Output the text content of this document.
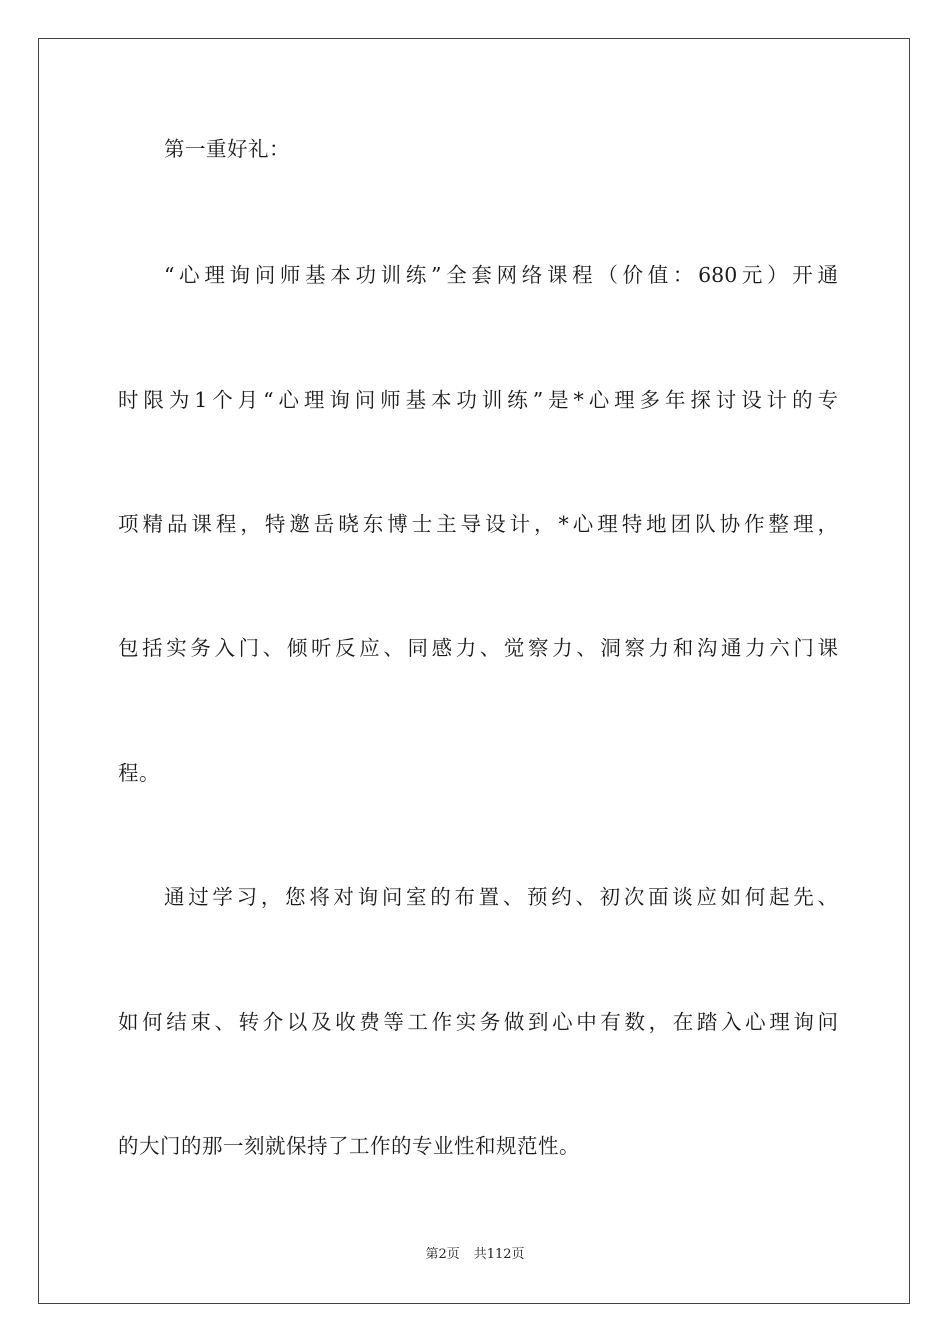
第一重好礼：
“心理询问师基本功训练”全套网络课程（价值：680元）开通
时限为1个月“心理询问师基本功训练”是*心理多年探讨设计的专
项精品课程，特邀岳晓东博士主导设计，*心理特地团队协作整理，
包括实务入门、倾听反应、同感力、觉察力、洞察力和沟通力六门课
程。
通过学习，您将对询问室的布置、预约、初次面谈应如何起先、
如何结束、转介以及收费等工作实务做到心中有数，在踏入心理询问
的大门的那一刻就保持了工作的专业性和规范性。
第2页 共112页
